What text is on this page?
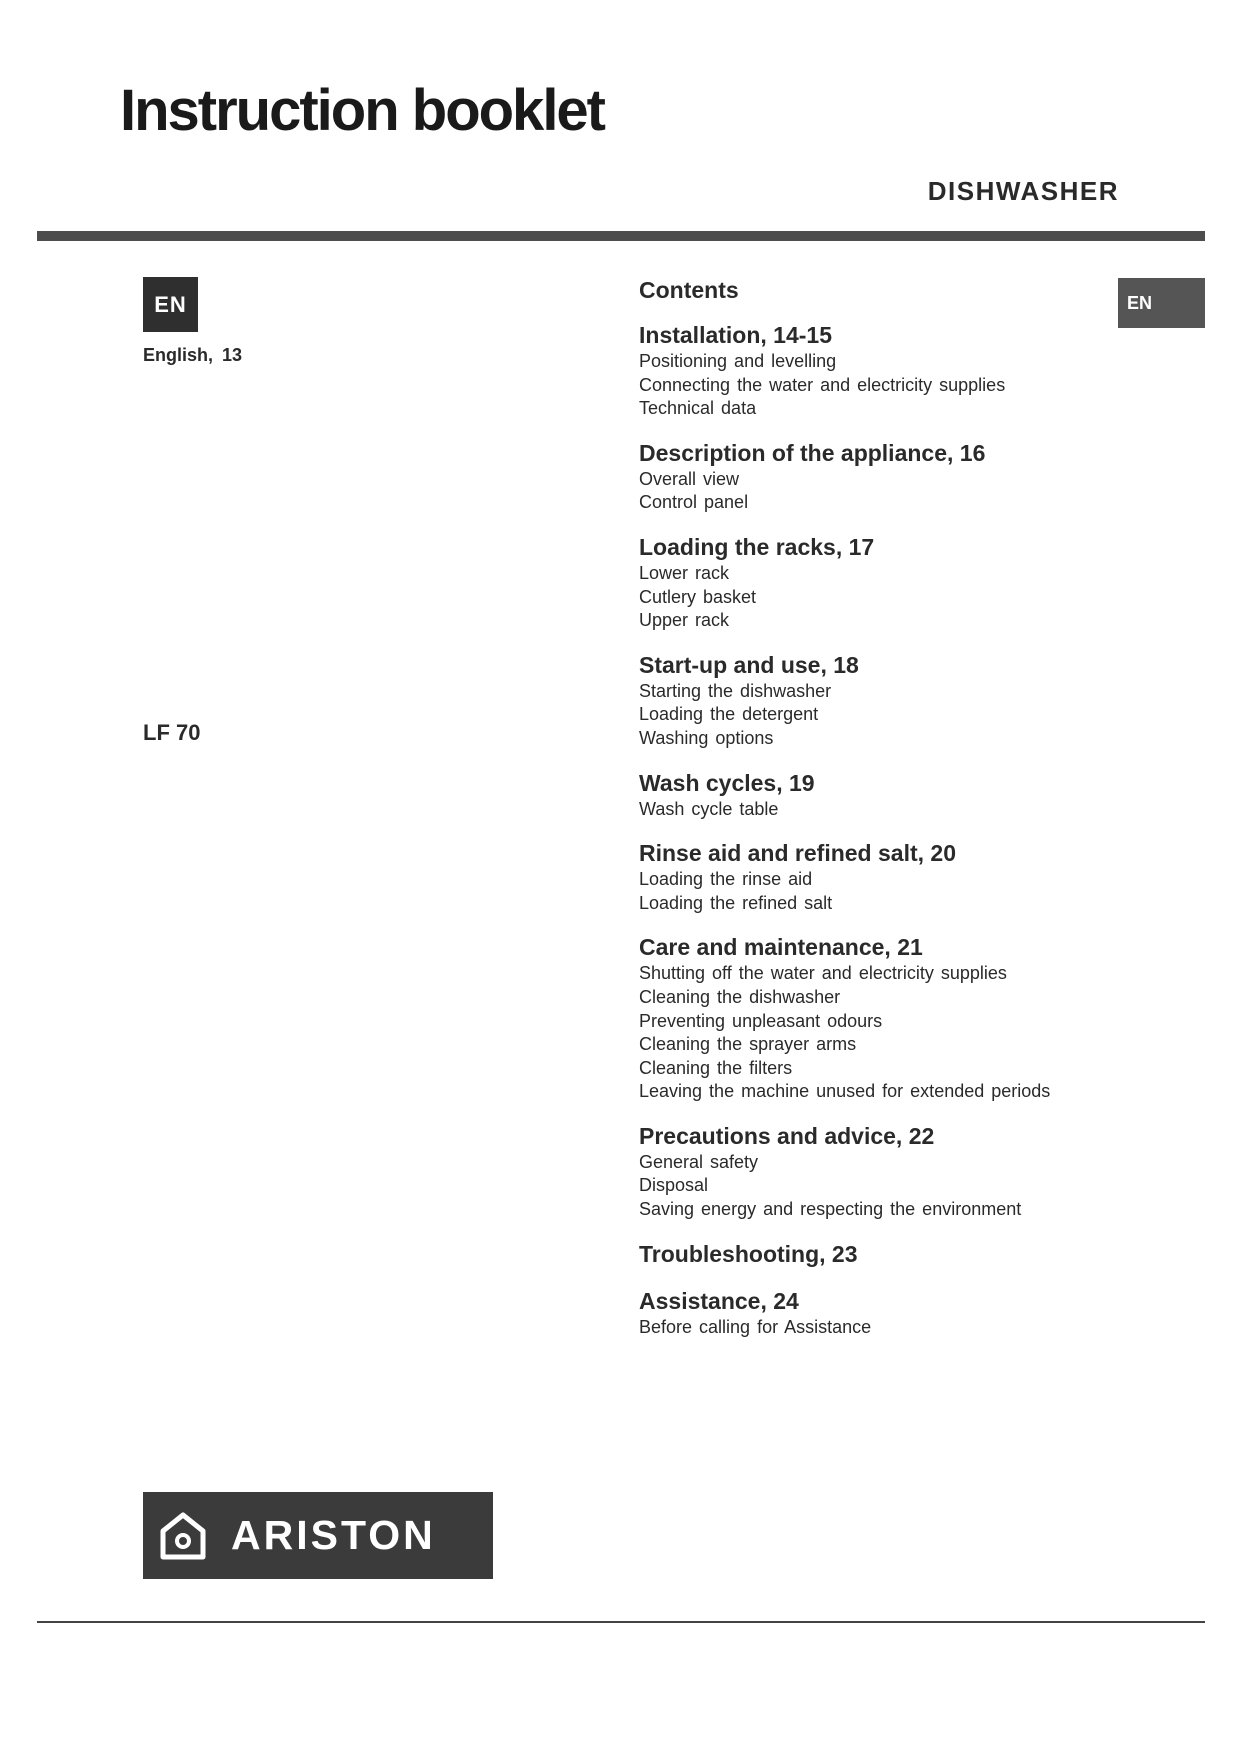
Instruction booklet
DISHWASHER
EN
English, 13
LF 70
EN
Contents
Installation, 14-15
Positioning and levelling
Connecting the water and electricity supplies
Technical data
Description of the appliance, 16
Overall view
Control panel
Loading the racks, 17
Lower rack
Cutlery basket
Upper rack
Start-up and use, 18
Starting the dishwasher
Loading the detergent
Washing options
Wash cycles, 19
Wash cycle table
Rinse aid and refined salt, 20
Loading the rinse aid
Loading the refined salt
Care and maintenance, 21
Shutting off the water and electricity supplies
Cleaning the dishwasher
Preventing unpleasant odours
Cleaning the sprayer arms
Cleaning the filters
Leaving the machine unused for extended periods
Precautions and advice, 22
General safety
Disposal
Saving energy and respecting the environment
Troubleshooting, 23
Assistance, 24
Before calling for Assistance
ARISTON
